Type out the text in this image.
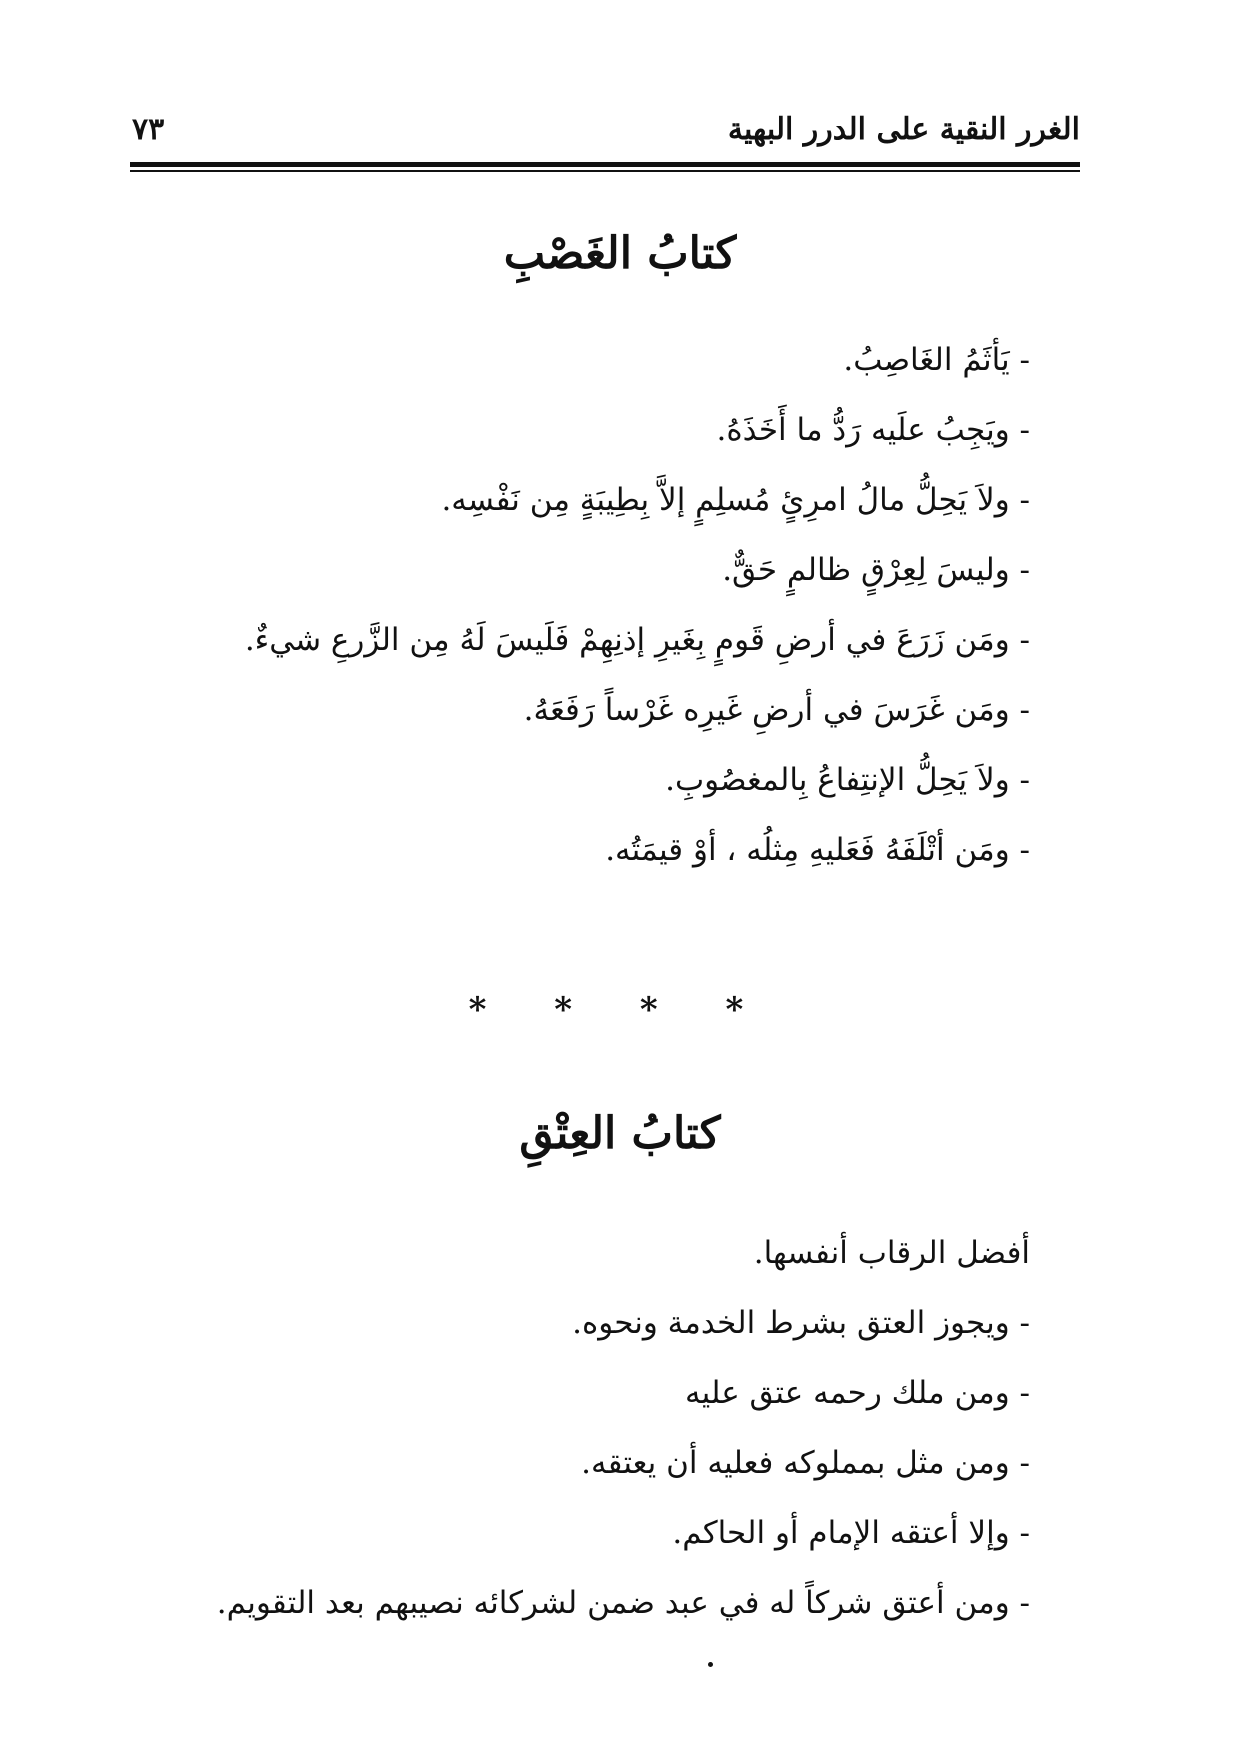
الغرر النقية على الدرر البهية
٧٣
كتابُ الغَصْبِ
- يَأثَمُ الغَاصِبُ.
- ويَجِبُ علَيه رَدُّ ما أَخَذَهُ.
- ولاَ يَحِلُّ مالُ امرِئٍ مُسلِمٍ إلاَّ بِطِيبَةٍ مِن نَفْسِه.
- وليسَ لِعِرْقٍ ظالمٍ حَقٌّ.
- ومَن زَرَعَ في أرضِ قَومٍ بِغَيرِ إذنِهِمْ فَلَيسَ لَهُ مِن الزَّرعِ شيءٌ.
- ومَن غَرَسَ في أرضِ غَيرِه غَرْساً رَفَعَهُ.
- ولاَ يَحِلُّ الإنتِفاعُ بِالمغصُوبِ.
- ومَن أتْلَفَهُ فَعَليهِ مِثلُه ، أوْ قيمَتُه.
* * * *
كتابُ العِتْقِ
أفضل الرقاب أنفسها.
- ويجوز العتق بشرط الخدمة ونحوه.
- ومن ملك رحمه عتق عليه
- ومن مثل بمملوكه فعليه أن يعتقه.
- وإلا أعتقه الإمام أو الحاكم.
- ومن أعتق شركاً له في عبد ضمن لشركائه نصيبهم بعد التقويم.
